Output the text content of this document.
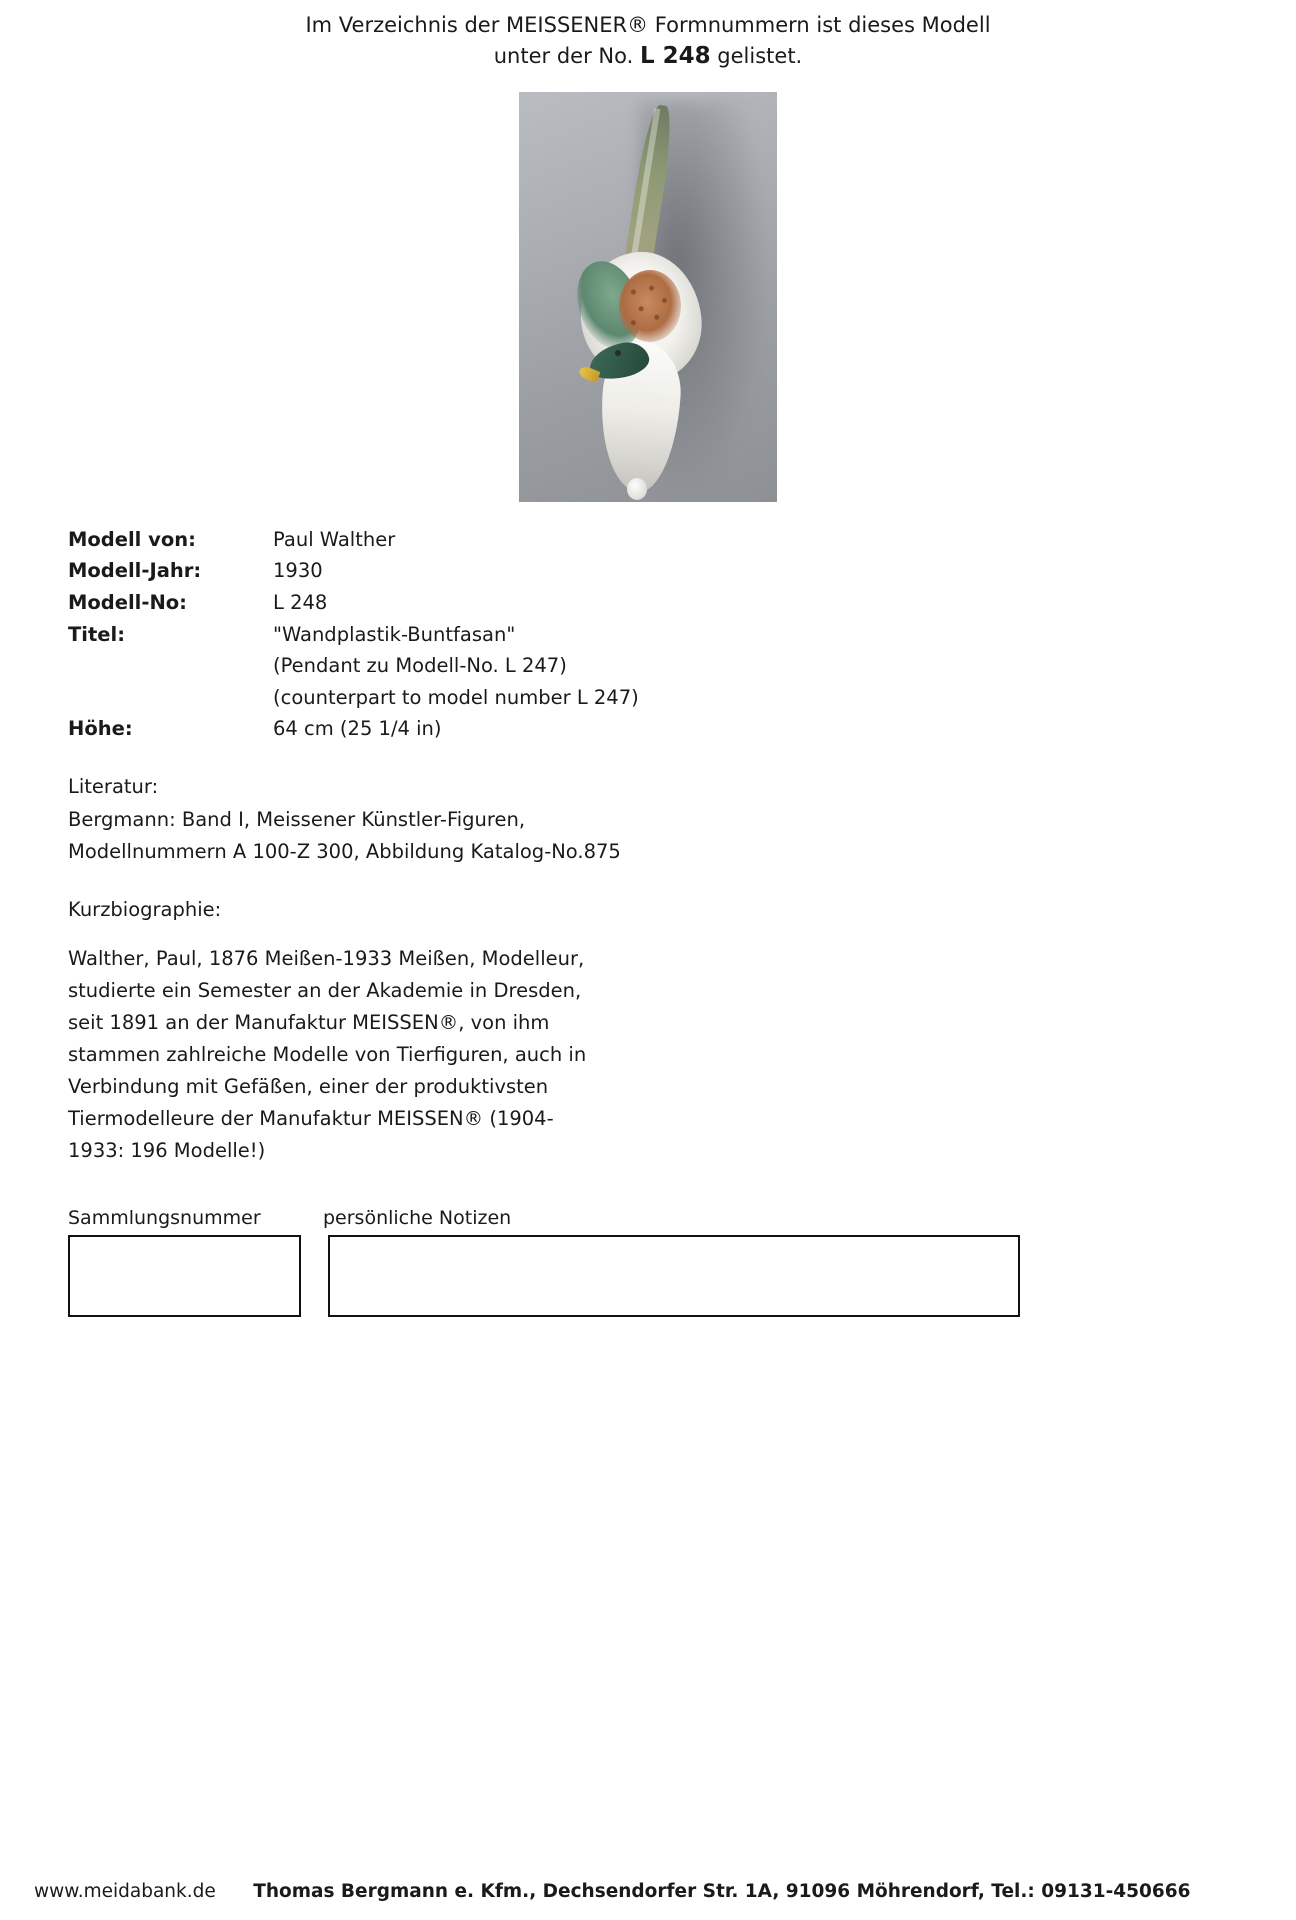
Im Verzeichnis der MEISSENER® Formnummern ist dieses Modell
unter der No. L 248 gelistet.
Modell von:	Paul Walther
Modell-Jahr:	1930
Modell-No:	L 248
Titel:	"Wandplastik-Buntfasan"
(Pendant zu Modell-No. L 247)
(counterpart to model number L 247)
Höhe:	64 cm (25 1/4 in)
Literatur:
Bergmann: Band I, Meissener Künstler-Figuren,
Modellnummern A 100-Z 300, Abbildung Katalog-No.875
Kurzbiographie:
Walther, Paul, 1876 Meißen-1933 Meißen, Modelleur,
studierte ein Semester an der Akademie in Dresden,
seit 1891 an der Manufaktur MEISSEN®, von ihm
stammen zahlreiche Modelle von Tierfiguren, auch in
Verbindung mit Gefäßen, einer der produktivsten
Tiermodelleure der Manufaktur MEISSEN® (1904-
1933: 196 Modelle!)
Sammlungsnummer	persönliche Notizen
www.meidabank.de	Thomas Bergmann e. Kfm., Dechsendorfer Str. 1A, 91096 Möhrendorf, Tel.: 09131-450666
